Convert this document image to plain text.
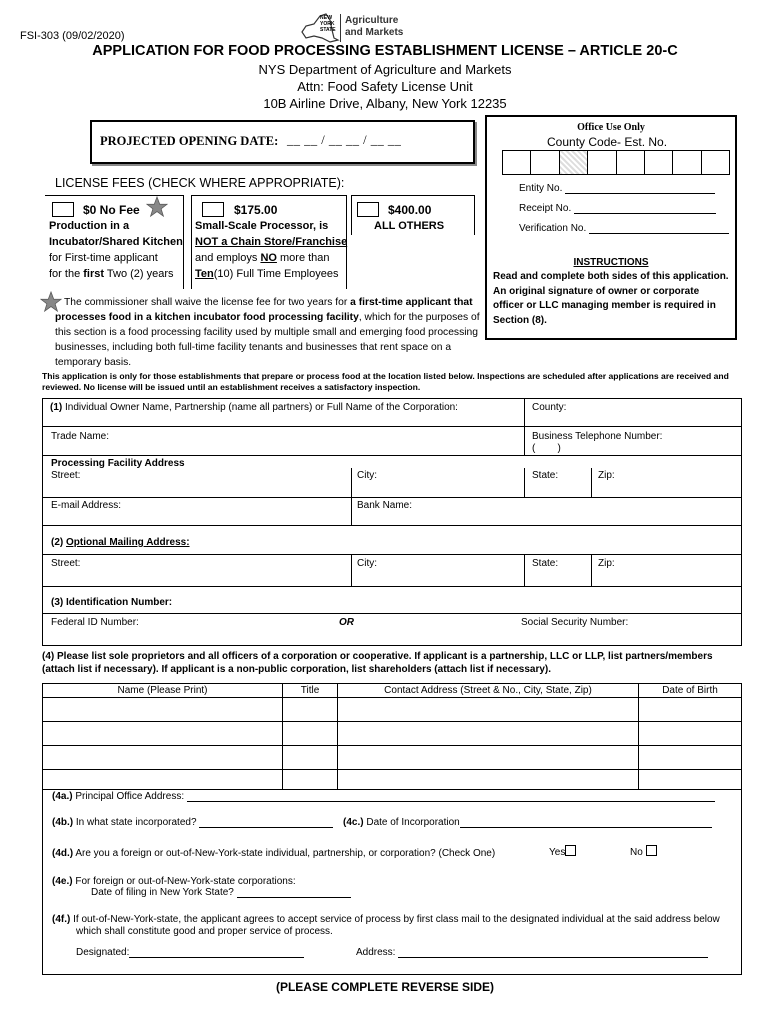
FSI-303 (09/02/2020)
NEW
YORK
STATE
Agriculture
and Markets
APPLICATION FOR FOOD PROCESSING ESTABLISHMENT LICENSE – ARTICLE 20-C
NYS Department of Agriculture and Markets
Attn: Food Safety License Unit
10B Airline Drive, Albany, New York 12235
PROJECTED OPENING DATE: __ __ / __ __ / __ __
Office Use Only
County Code- Est. No.
Entity No.
Receipt No.
Verification No.
INSTRUCTIONS
Read and complete both sides of this application. An original signature of owner or corporate officer or LLC managing member is required in Section (8).
LICENSE FEES (CHECK WHERE APPROPRIATE):
$0 No Fee
Production in a
Incubator/Shared Kitchen
for First-time applicant
for the first Two (2) years
$175.00
Small-Scale Processor, is
NOT a Chain Store/Franchise
and employs NO more than
Ten(10) Full Time Employees
$400.00
ALL OTHERS
The commissioner shall waive the license fee for two years for a first-time applicant that processes food in a kitchen incubator food processing facility, which for the purposes of this section is a food processing facility used by multiple small and emerging food processing businesses, including both full-time facility tenants and businesses that rent space on a temporary basis.
This application is only for those establishments that prepare or process food at the location listed below. Inspections are scheduled after applications are received and reviewed. No license will be issued until an establishment receives a satisfactory inspection.
(1) Individual Owner Name, Partnership (name all partners) or Full Name of the Corporation:	County:
Trade Name:	Business Telephone Number:
(        )
Processing Facility Address
Street:	City:	State:	Zip:
E-mail Address:	Bank Name:
(2) Optional Mailing Address:
Street:	City:	State:	Zip:
(3) Identification Number:
Federal ID Number:	OR	Social Security Number:
(4) Please list sole proprietors and all officers of a corporation or cooperative. If applicant is a partnership, LLC or LLP, list partners/members (attach list if necessary). If applicant is a non-public corporation, list shareholders (attach list if necessary).
Name (Please Print)	Title	Contact Address (Street & No., City, State, Zip)	Date of Birth
(4a.) Principal Office Address:
(4b.) In what state incorporated?	(4c.) Date of Incorporation
(4d.) Are you a foreign or out-of-New-York-state individual, partnership, or corporation? (Check One)	Yes	No
(4e.) For foreign or out-of-New-York-state corporations:
Date of filing in New York State?
(4f.) If out-of-New-York-state, the applicant agrees to accept service of process by first class mail to the designated individual at the said address below
which shall constitute good and proper service of process.
Designated:	Address:
(PLEASE COMPLETE REVERSE SIDE)
